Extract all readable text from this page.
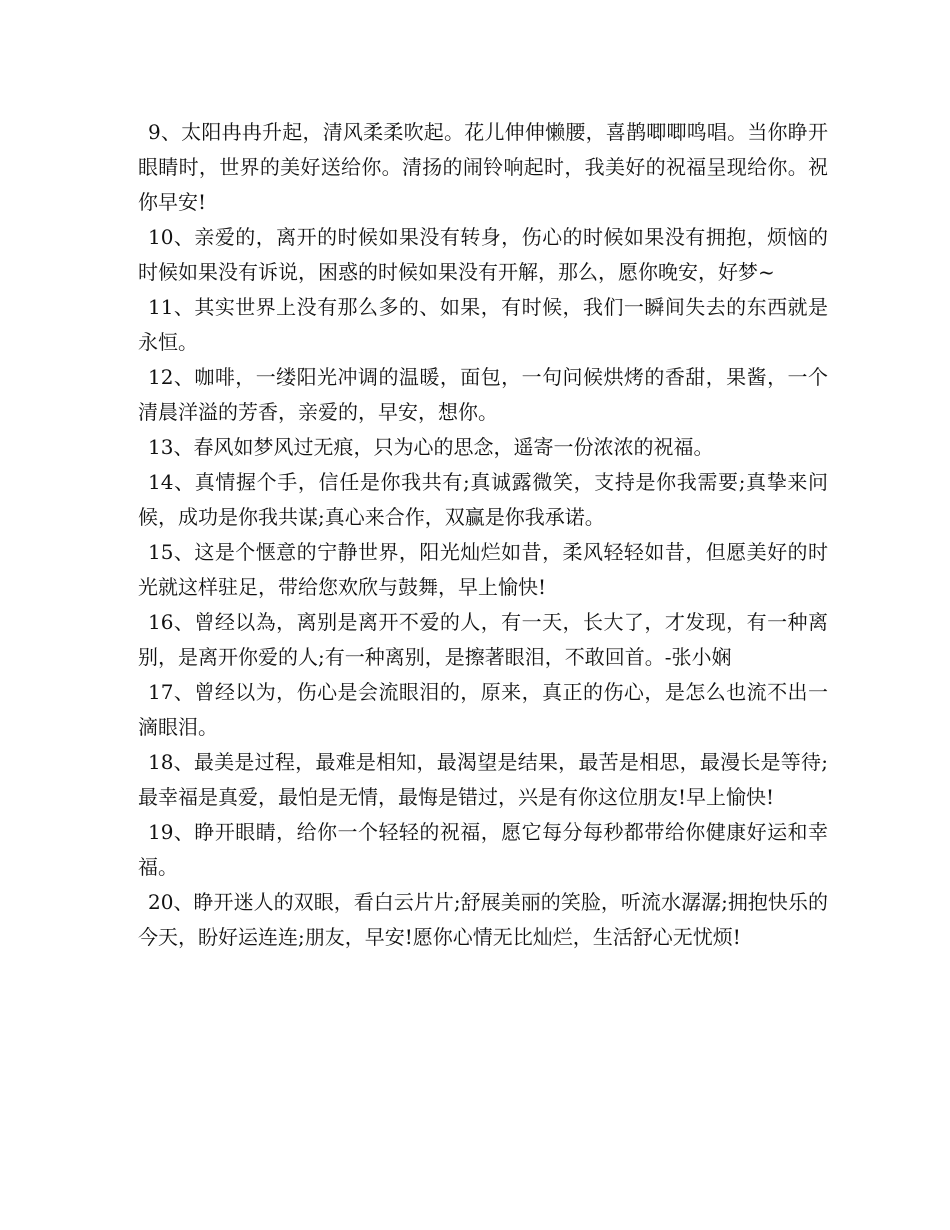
9、太阳冉冉升起，清风柔柔吹起。花儿伸伸懒腰，喜鹊唧唧鸣唱。当你睁开眼睛时，世界的美好送给你。清扬的闹铃响起时，我美好的祝福呈现给你。祝你早安!

10、亲爱的，离开的时候如果没有转身，伤心的时候如果没有拥抱，烦恼的时候如果没有诉说，困惑的时候如果没有开解，那么，愿你晚安，好梦~

11、其实世界上没有那么多的、如果，有时候，我们一瞬间失去的东西就是永恒。

12、咖啡，一缕阳光冲调的温暖，面包，一句问候烘烤的香甜，果酱，一个清晨洋溢的芳香，亲爱的，早安，想你。

13、春风如梦风过无痕，只为心的思念，遥寄一份浓浓的祝福。

14、真情握个手，信任是你我共有;真诚露微笑，支持是你我需要;真挚来问候，成功是你我共谋;真心来合作，双赢是你我承诺。

15、这是个惬意的宁静世界，阳光灿烂如昔，柔风轻轻如昔，但愿美好的时光就这样驻足，带给您欢欣与鼓舞，早上愉快!

16、曾经以為，离别是离开不爱的人，有一天，长大了，才发现，有一种离别，是离开你爱的人;有一种离别，是擦著眼泪，不敢回首。-张小娴

17、曾经以为，伤心是会流眼泪的，原来，真正的伤心，是怎么也流不出一滴眼泪。

18、最美是过程，最难是相知，最渴望是结果，最苦是相思，最漫长是等待;最幸福是真爱，最怕是无情，最悔是错过，兴是有你这位朋友!早上愉快!

19、睁开眼睛，给你一个轻轻的祝福，愿它每分每秒都带给你健康好运和幸福。

20、睁开迷人的双眼，看白云片片;舒展美丽的笑脸，听流水潺潺;拥抱快乐的今天，盼好运连连;朋友，早安!愿你心情无比灿烂，生活舒心无忧烦!
